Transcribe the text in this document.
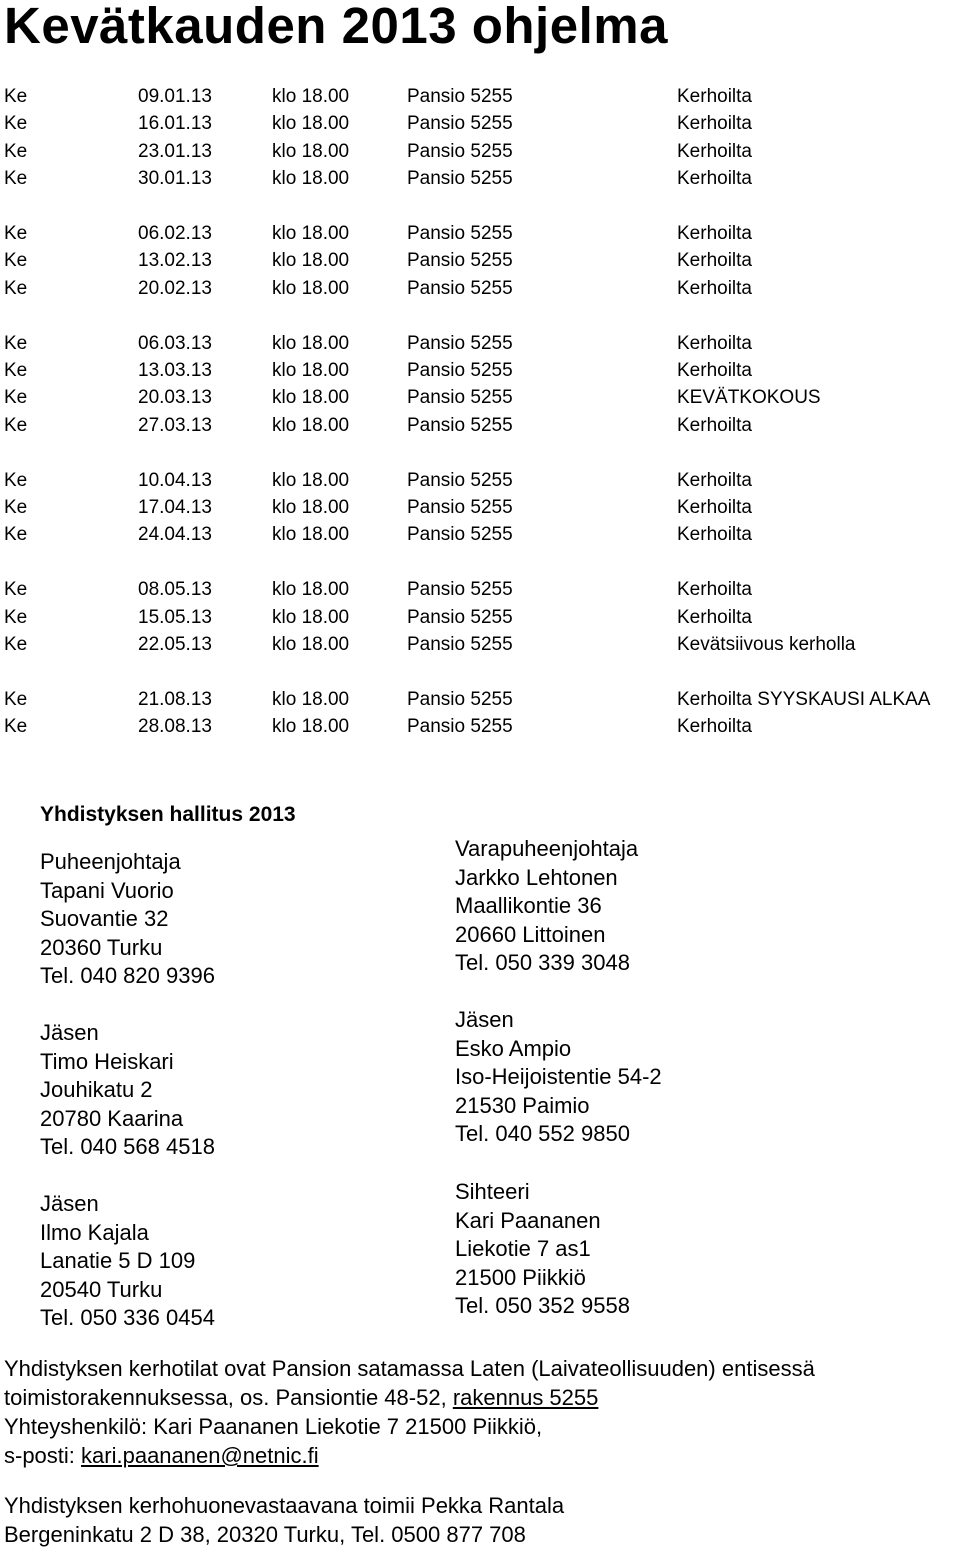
Kevätkauden 2013 ohjelma
Ke	09.01.13	klo 18.00	Pansio 5255	Kerhoilta
Ke	16.01.13	klo 18.00	Pansio 5255	Kerhoilta
Ke	23.01.13	klo 18.00	Pansio 5255	Kerhoilta
Ke	30.01.13	klo 18.00	Pansio 5255	Kerhoilta
Ke	06.02.13	klo 18.00	Pansio 5255	Kerhoilta
Ke	13.02.13	klo 18.00	Pansio 5255	Kerhoilta
Ke	20.02.13	klo 18.00	Pansio 5255	Kerhoilta
Ke	06.03.13	klo 18.00	Pansio 5255	Kerhoilta
Ke	13.03.13	klo 18.00	Pansio 5255	Kerhoilta
Ke	20.03.13	klo 18.00	Pansio 5255	KEVÄTKOKOUS
Ke	27.03.13	klo 18.00	Pansio 5255	Kerhoilta
Ke	10.04.13	klo 18.00	Pansio 5255	Kerhoilta
Ke	17.04.13	klo 18.00	Pansio 5255	Kerhoilta
Ke	24.04.13	klo 18.00	Pansio 5255	Kerhoilta
Ke	08.05.13	klo 18.00	Pansio 5255	Kerhoilta
Ke	15.05.13	klo 18.00	Pansio 5255	Kerhoilta
Ke	22.05.13	klo 18.00	Pansio 5255	Kevätsiivous kerholla
Ke	21.08.13	klo 18.00	Pansio 5255	Kerhoilta SYYSKAUSI ALKAA
Ke	28.08.13	klo 18.00	Pansio 5255	Kerhoilta
Yhdistyksen hallitus 2013
Puheenjohtaja
Tapani Vuorio
Suovantie 32
20360 Turku
Tel. 040 820 9396
Jäsen
Timo Heiskari
Jouhikatu 2
20780 Kaarina
Tel. 040 568 4518
Jäsen
Ilmo Kajala
Lanatie 5 D 109
20540 Turku
Tel. 050 336 0454
Varapuheenjohtaja
Jarkko Lehtonen
Maallikontie 36
20660 Littoinen
Tel. 050 339 3048
Jäsen
Esko Ampio
Iso-Heijoistentie 54-2
21530 Paimio
Tel. 040 552 9850
Sihteeri
Kari Paananen
Liekotie 7 as1
21500 Piikkiö
Tel. 050 352 9558
Yhdistyksen kerhotilat ovat Pansion satamassa Laten (Laivateollisuuden) entisessä
toimistorakennuksessa, os. Pansiontie 48-52, rakennus 5255
Yhteyshenkilö: Kari Paananen Liekotie 7 21500 Piikkiö,
s-posti: kari.paananen@netnic.fi
Yhdistyksen kerhohuonevastaavana toimii Pekka Rantala
Bergeninkatu 2 D 38, 20320 Turku, Tel. 0500 877 708
